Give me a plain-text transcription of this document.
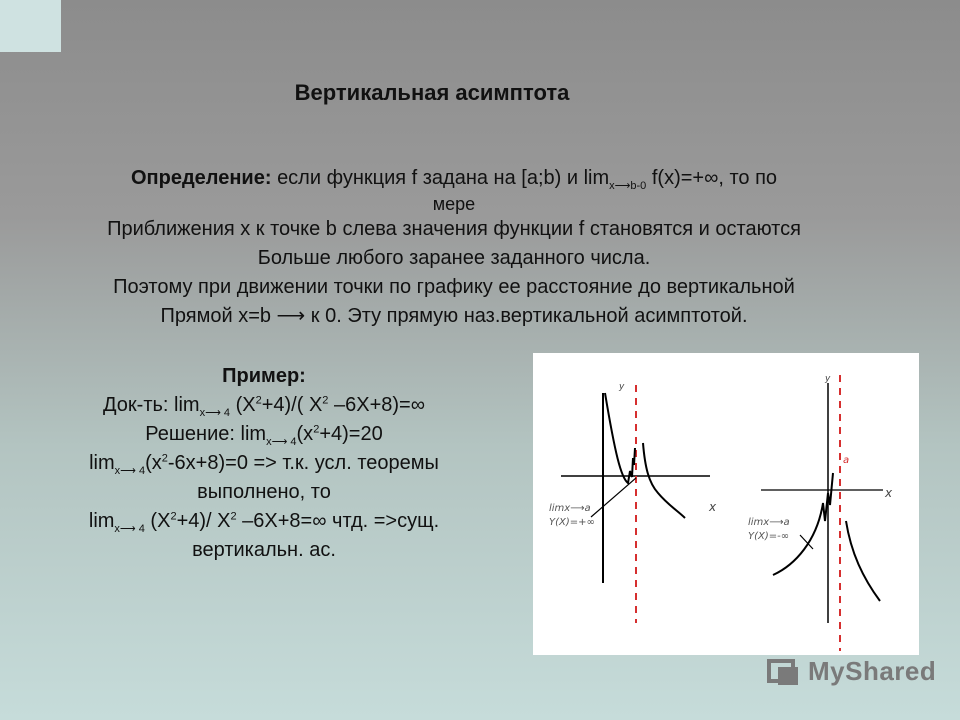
Вертикальная асимптота
Определение: если функция f задана на [a;b) и $\lim_{x⟶b-0} f(x)=+\infty$, то по
мере
Приближения x к точке b слева значения функции f становятся и остаются
Больше любого заранее заданного числа.
Поэтому при движении точки по графику ее расстояние до вертикальной
Прямой x=b ⟶ к 0. Эту прямую наз.вертикальной асимптотой.
Пример:
Док-ть: $\lim_{x⟶ 4} (X^2+4)/$( $X^2$ –6X+8)=∞
Решение: $\lim_{x⟶ 4}(x^2+4)=20$
$\lim_{x⟶ 4}(x^2-6x+8)=0 => т.к$. усл. теоремы
выполнено, то
$\lim_{x⟶ 4} (X^2+4)/$ $X^2$ –6X+8=∞ чтд. =>сущ.
вертикальн. ас.
y
x
limx⟶a
Y(X)=+∞
y
x
a
limx⟶a
Y(X)=-∞
MyShared
